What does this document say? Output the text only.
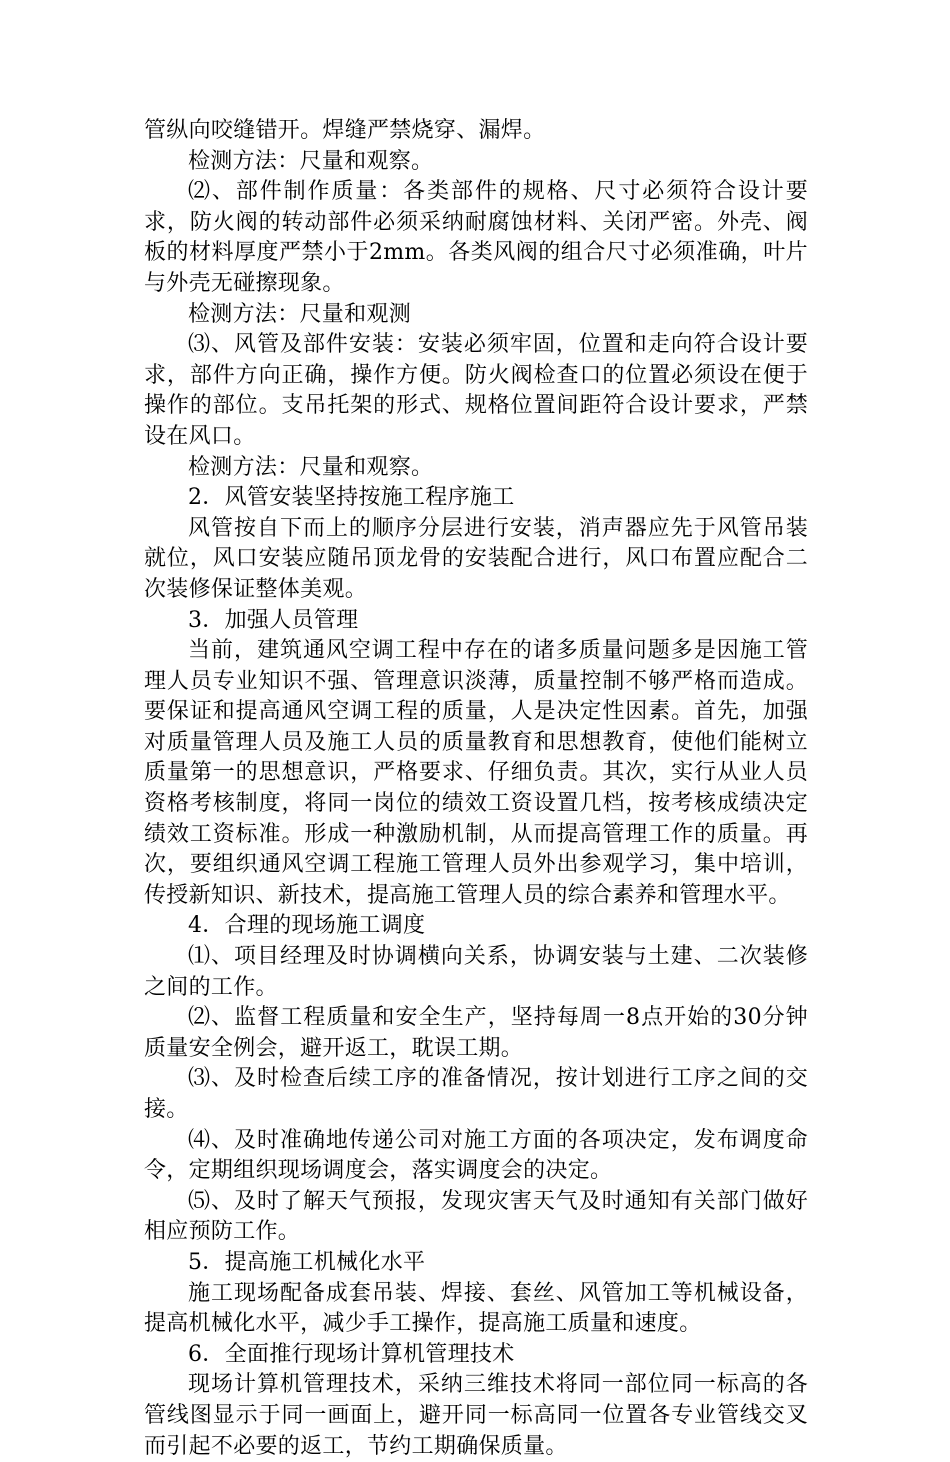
管纵向咬缝错开。焊缝严禁烧穿、漏焊。

检测方法：尺量和观察。

⑵、部件制作质量：各类部件的规格、尺寸必须符合设计要求，防火阀的转动部件必须采纳耐腐蚀材料、关闭严密。外壳、阀板的材料厚度严禁小于2mm。各类风阀的组合尺寸必须准确，叶片与外壳无碰擦现象。

检测方法：尺量和观测

⑶、风管及部件安装：安装必须牢固，位置和走向符合设计要求，部件方向正确，操作方便。防火阀检查口的位置必须设在便于操作的部位。支吊托架的形式、规格位置间距符合设计要求，严禁设在风口。

检测方法：尺量和观察。

2．风管安装坚持按施工程序施工

风管按自下而上的顺序分层进行安装，消声器应先于风管吊装就位，风口安装应随吊顶龙骨的安装配合进行，风口布置应配合二次装修保证整体美观。

3．加强人员管理

当前，建筑通风空调工程中存在的诸多质量问题多是因施工管理人员专业知识不强、管理意识淡薄，质量控制不够严格而造成。要保证和提高通风空调工程的质量，人是决定性因素。首先，加强对质量管理人员及施工人员的质量教育和思想教育，使他们能树立质量第一的思想意识，严格要求、仔细负责。其次，实行从业人员资格考核制度，将同一岗位的绩效工资设置几档，按考核成绩决定绩效工资标准。形成一种激励机制，从而提高管理工作的质量。再次，要组织通风空调工程施工管理人员外出参观学习，集中培训，传授新知识、新技术，提高施工管理人员的综合素养和管理水平。

4．合理的现场施工调度

⑴、项目经理及时协调横向关系，协调安装与土建、二次装修之间的工作。

⑵、监督工程质量和安全生产，坚持每周一8点开始的30分钟质量安全例会，避开返工，耽误工期。

⑶、及时检查后续工序的准备情况，按计划进行工序之间的交接。

⑷、及时准确地传递公司对施工方面的各项决定，发布调度命令，定期组织现场调度会，落实调度会的决定。

⑸、及时了解天气预报，发现灾害天气及时通知有关部门做好相应预防工作。

5．提高施工机械化水平

施工现场配备成套吊装、焊接、套丝、风管加工等机械设备，提高机械化水平，减少手工操作，提高施工质量和速度。

6．全面推行现场计算机管理技术

现场计算机管理技术，采纳三维技术将同一部位同一标高的各管线图显示于同一画面上，避开同一标高同一位置各专业管线交叉而引起不必要的返工，节约工期确保质量。
